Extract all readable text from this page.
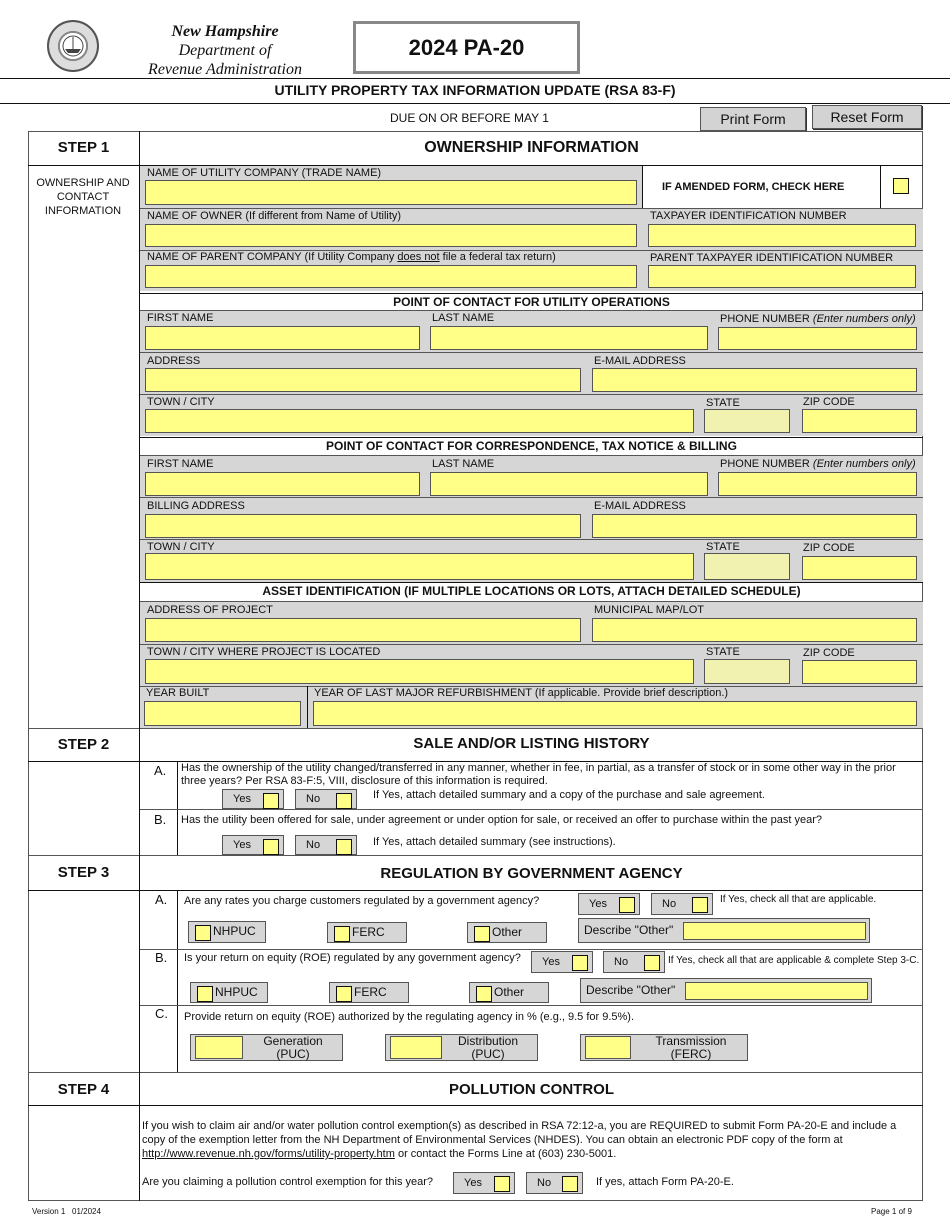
New Hampshire
Department of
Revenue Administration
2024 PA-20
UTILITY PROPERTY TAX INFORMATION UPDATE (RSA 83-F)
DUE ON OR BEFORE MAY 1	Print Form	Reset Form
STEP 1	OWNERSHIP INFORMATION
OWNERSHIP AND CONTACT INFORMATION
NAME OF UTILITY COMPANY (TRADE NAME)
IF AMENDED FORM, CHECK HERE
NAME OF OWNER (If different from Name of Utility)	TAXPAYER IDENTIFICATION NUMBER
NAME OF PARENT COMPANY (If Utility Company does not file a federal tax return)	PARENT TAXPAYER IDENTIFICATION NUMBER
POINT OF CONTACT FOR UTILITY OPERATIONS
FIRST NAME	LAST NAME	PHONE NUMBER (Enter numbers only)
ADDRESS	E-MAIL ADDRESS
TOWN / CITY	STATE	ZIP CODE
POINT OF CONTACT FOR CORRESPONDENCE, TAX NOTICE & BILLING
FIRST NAME	LAST NAME	PHONE NUMBER (Enter numbers only)
BILLING ADDRESS	E-MAIL ADDRESS
TOWN / CITY	STATE	ZIP CODE
ASSET IDENTIFICATION (IF MULTIPLE LOCATIONS OR LOTS, ATTACH DETAILED SCHEDULE)
ADDRESS OF PROJECT	MUNICIPAL MAP/LOT
TOWN / CITY WHERE PROJECT IS LOCATED	STATE	ZIP CODE
YEAR BUILT	YEAR OF LAST MAJOR REFURBISHMENT (If applicable. Provide brief description.)
STEP 2	SALE AND/OR LISTING HISTORY
A. Has the ownership of the utility changed/transferred in any manner, whether in fee, in partial, as a transfer of stock or in some other way in the prior three years? Per RSA 83-F:5, VIII, disclosure of this information is required.
Yes	No	If Yes, attach detailed summary and a copy of the purchase and sale agreement.
B. Has the utility been offered for sale, under agreement or under option for sale, or received an offer to purchase within the past year?
Yes	No	If Yes, attach detailed summary (see instructions).
STEP 3	REGULATION BY GOVERNMENT AGENCY
A. Are any rates you charge customers regulated by a government agency?	Yes	No	If Yes, check all that are applicable.
NHPUC	FERC	Other	Describe "Other"
B. Is your return on equity (ROE) regulated by any government agency? Yes	No	If Yes, check all that are applicable & complete Step 3-C.
NHPUC	FERC	Other	Describe "Other"
C. Provide return on equity (ROE) authorized by the regulating agency in % (e.g., 9.5 for 9.5%).
Generation
(PUC)
Distribution
(PUC)
Transmission
(FERC)
STEP 4	POLLUTION CONTROL
If you wish to claim air and/or water pollution control exemption(s) as described in RSA 72:12-a, you are REQUIRED to submit Form PA-20-E and include a copy of the exemption letter from the NH Department of Environmental Services (NHDES). You can obtain an electronic PDF copy of the form at http://www.revenue.nh.gov/forms/utility-property.htm or contact the Forms Line at (603) 230-5001.
Are you claiming a pollution control exemption for this year?	Yes	No	If yes, attach Form PA-20-E.
Version 1   01/2024	Page 1 of 9
